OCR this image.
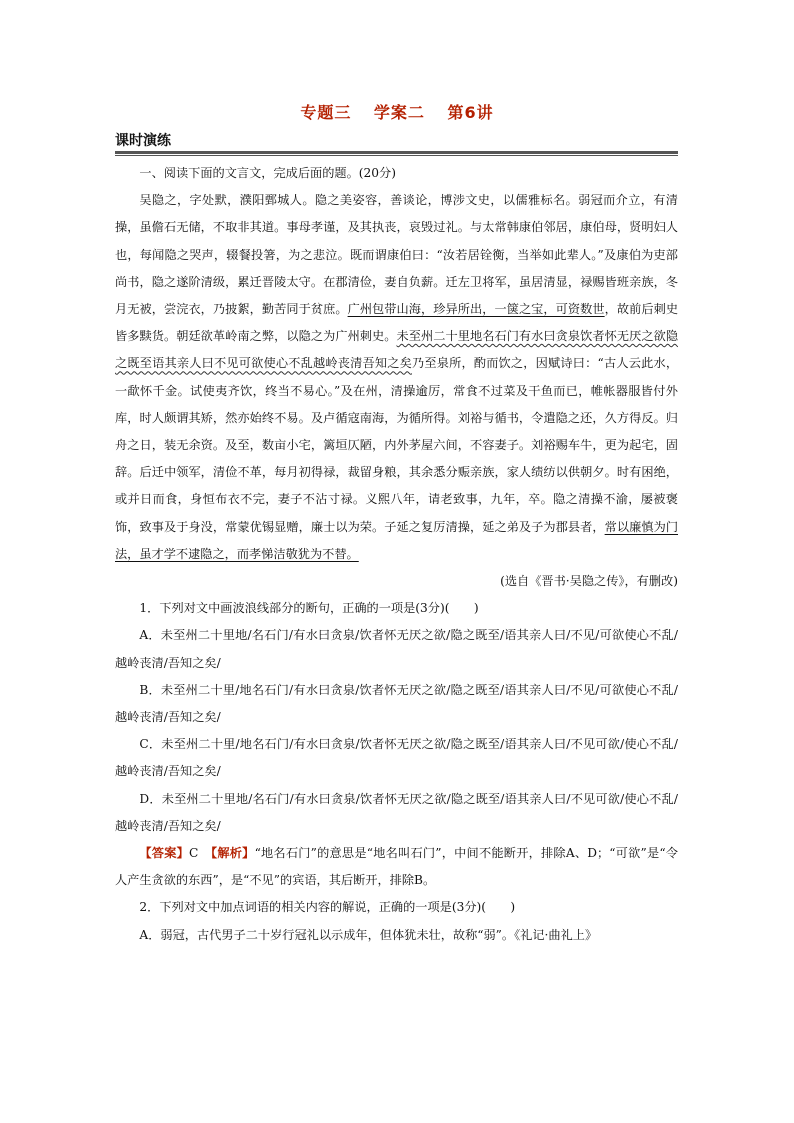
专题三 学案二 第6讲
课时演练

一、阅读下面的文言文，完成后面的题。(20分)

吴隐之，字处默，濮阳鄄城人。隐之美姿容，善谈论，博涉文史，以儒雅标名。弱冠而介立，有清操，虽儋石无储，不取非其道。事母孝谨，及其执丧，哀毁过礼。与太常韩康伯邻居，康伯母，贤明妇人也，每闻隐之哭声，辍餐投箸，为之悲泣。既而谓康伯曰：“汝若居铨衡，当举如此辈人。”及康伯为吏部尚书，隐之遂阶清级，累迁晋陵太守。在郡清俭，妻自负薪。迁左卫将军，虽居清显，禄赐皆班亲族，冬月无被，尝浣衣，乃披絮，勤苦同于贫庶。广州包带山海，珍异所出，一箧之宝，可资数世，故前后刺史皆多黩货。朝廷欲革岭南之弊，以隐之为广州刺史。未至州二十里地名石门有水曰贪泉饮者怀无厌之欲隐之既至语其亲人曰不见可欲使心不乱越岭丧清吾知之矣乃至泉所，酌而饮之，因赋诗曰：“古人云此水，一歃怀千金。试使夷齐饮，终当不易心。”及在州，清操逾厉，常食不过菜及干鱼而已，帷帐器服皆付外库，时人颇谓其矫，然亦始终不易。及卢循寇南海，为循所得。刘裕与循书，令遣隐之还，久方得反。归舟之日，装无余资。及至，数亩小宅，篱垣仄陋，内外茅屋六间，不容妻子。刘裕赐车牛，更为起宅，固辞。后迁中领军，清俭不革，每月初得禄，裁留身粮，其余悉分赈亲族，家人绩纺以供朝夕。时有困绝，或并日而食，身恒布衣不完，妻子不沾寸禄。义熙八年，请老致事，九年，卒。隐之清操不渝，屡被褒饰，致事及于身没，常蒙优锡显赠，廉士以为荣。子延之复厉清操，延之弟及子为郡县者，常以廉慎为门法，虽才学不逮隐之，而孝悌洁敬犹为不替。

(选自《晋书·吴隐之传》，有删改)

1．下列对文中画波浪线部分的断句，正确的一项是(3分)(　　)

A．未至州二十里地/名石门/有水曰贪泉/饮者怀无厌之欲/隐之既至/语其亲人曰/不见/可欲使心不乱/越岭丧清/吾知之矣/

B．未至州二十里/地名石门/有水曰贪泉/饮者怀无厌之欲/隐之既至/语其亲人曰/不见/可欲使心不乱/越岭丧清/吾知之矣/

C．未至州二十里/地名石门/有水曰贪泉/饮者怀无厌之欲/隐之既至/语其亲人曰/不见可欲/使心不乱/越岭丧清/吾知之矣/

D．未至州二十里地/名石门/有水曰贪泉/饮者怀无厌之欲/隐之既至/语其亲人曰/不见可欲/使心不乱/越岭丧清/吾知之矣/

【答案】C　【解析】“地名石门”的意思是“地名叫石门”，中间不能断开，排除A、D；“可欲”是“令人产生贪欲的东西”，是“不见”的宾语，其后断开，排除B。

2．下列对文中加点词语的相关内容的解说，正确的一项是(3分)(　　)

A．弱冠，古代男子二十岁行冠礼以示成年，但体犹未壮，故称“弱”。《礼记·曲礼上》
